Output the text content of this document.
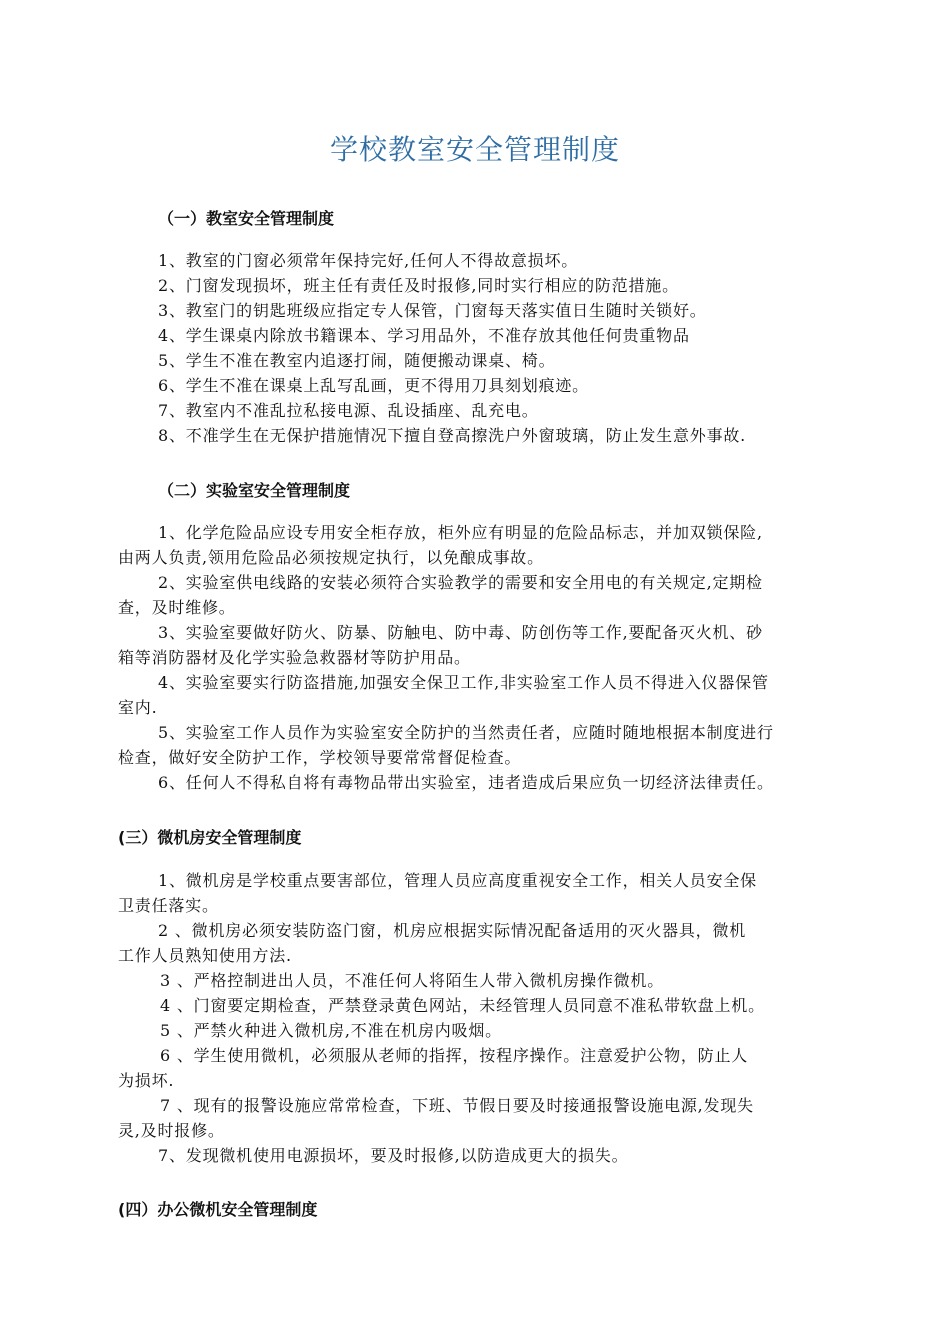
学校教室安全管理制度
（一）教室安全管理制度
1、教室的门窗必须常年保持完好,任何人不得故意损坏。
2、门窗发现损坏，班主任有责任及时报修,同时实行相应的防范措施。
3、教室门的钥匙班级应指定专人保管，门窗每天落实值日生随时关锁好。
4、学生课桌内除放书籍课本、学习用品外，不准存放其他任何贵重物品
5、学生不准在教室内追逐打闹，随便搬动课桌、椅。
6、学生不准在课桌上乱写乱画，更不得用刀具刻划痕迹。
7、教室内不准乱拉私接电源、乱设插座、乱充电。
8、不准学生在无保护措施情况下擅自登高擦洗户外窗玻璃，防止发生意外事故.
（二）实验室安全管理制度
1、化学危险品应设专用安全柜存放，柜外应有明显的危险品标志，并加双锁保险,
由两人负责,领用危险品必须按规定执行，以免酿成事故。
2、实验室供电线路的安装必须符合实验教学的需要和安全用电的有关规定,定期检
查，及时维修。
3、实验室要做好防火、防暴、防触电、防中毒、防创伤等工作,要配备灭火机、砂
箱等消防器材及化学实验急救器材等防护用品。
4、实验室要实行防盗措施,加强安全保卫工作,非实验室工作人员不得进入仪器保管
室内.
5、实验室工作人员作为实验室安全防护的当然责任者，应随时随地根据本制度进行
检查，做好安全防护工作，学校领导要常常督促检查。
6、任何人不得私自将有毒物品带出实验室，违者造成后果应负一切经济法律责任。
(三）微机房安全管理制度
1、微机房是学校重点要害部位，管理人员应高度重视安全工作，相关人员安全保
卫责任落实。
2 、微机房必须安装防盗门窗，机房应根据实际情况配备适用的灭火器具，微机
工作人员熟知使用方法.
3 、严格控制进出人员，不准任何人将陌生人带入微机房操作微机。
4 、门窗要定期检查，严禁登录黄色网站，未经管理人员同意不准私带软盘上机。
5 、严禁火种进入微机房,不准在机房内吸烟。
6 、学生使用微机，必须服从老师的指挥，按程序操作。注意爱护公物，防止人
为损坏.
7 、现有的报警设施应常常检查，下班、节假日要及时接通报警设施电源,发现失
灵,及时报修。
7、发现微机使用电源损坏，要及时报修,以防造成更大的损失。
(四）办公微机安全管理制度
